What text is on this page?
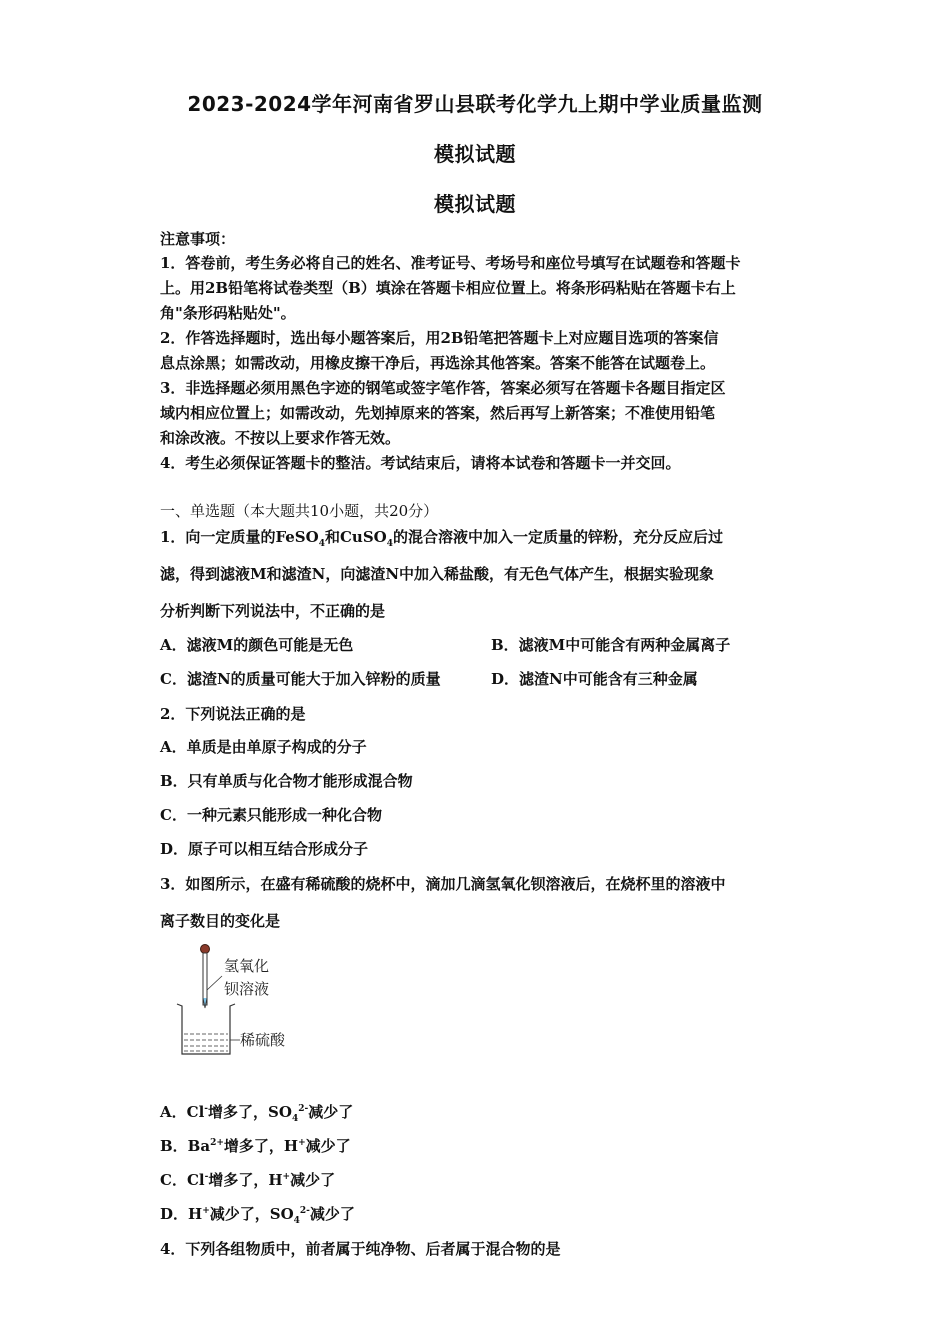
2023-2024学年河南省罗山县联考化学九上期中学业质量监测
模拟试题
模拟试题
注意事项：
1．答卷前，考生务必将自己的姓名、准考证号、考场号和座位号填写在试题卷和答题卡
上。用2B铅笔将试卷类型（B）填涂在答题卡相应位置上。将条形码粘贴在答题卡右上
角"条形码粘贴处"。
2．作答选择题时，选出每小题答案后，用2B铅笔把答题卡上对应题目选项的答案信
息点涂黑；如需改动，用橡皮擦干净后，再选涂其他答案。答案不能答在试题卷上。
3．非选择题必须用黑色字迹的钢笔或签字笔作答，答案必须写在答题卡各题目指定区
域内相应位置上；如需改动，先划掉原来的答案，然后再写上新答案；不准使用铅笔
和涂改液。不按以上要求作答无效。
4．考生必须保证答题卡的整洁。考试结束后，请将本试卷和答题卡一并交回。
一、单选题（本大题共10小题，共20分）
1．向一定质量的FeSO$_4$和CuSO$_4$的混合溶液中加入一定质量的锌粉，充分反应后过
滤，得到滤液M和滤渣N，向滤渣N中加入稀盐酸，有无色气体产生，根据实验现象
分析判断下列说法中，不正确的是
A．滤液M的颜色可能是无色	B．滤液M中可能含有两种金属离子
C．滤渣N的质量可能大于加入锌粉的质量	D．滤渣N中可能含有三种金属
2．下列说法正确的是
A．单质是由单原子构成的分子
B．只有单质与化合物才能形成混合物
C．一种元素只能形成一种化合物
D．原子可以相互结合形成分子
3．如图所示，在盛有稀硫酸的烧杯中，滴加几滴氢氧化钡溶液后，在烧杯里的溶液中
离子数目的变化是
氢氧化
钡溶液
稀硫酸
A．Cl-增多了，$SO_4^{2-}$减少了
B．$Ba^{2+}$增多了，H+减少了
C．Cl-增多了，H+减少了
D．H+减少了，$SO_4^{2-}$减少了
4．下列各组物质中，前者属于纯净物、后者属于混合物的是
